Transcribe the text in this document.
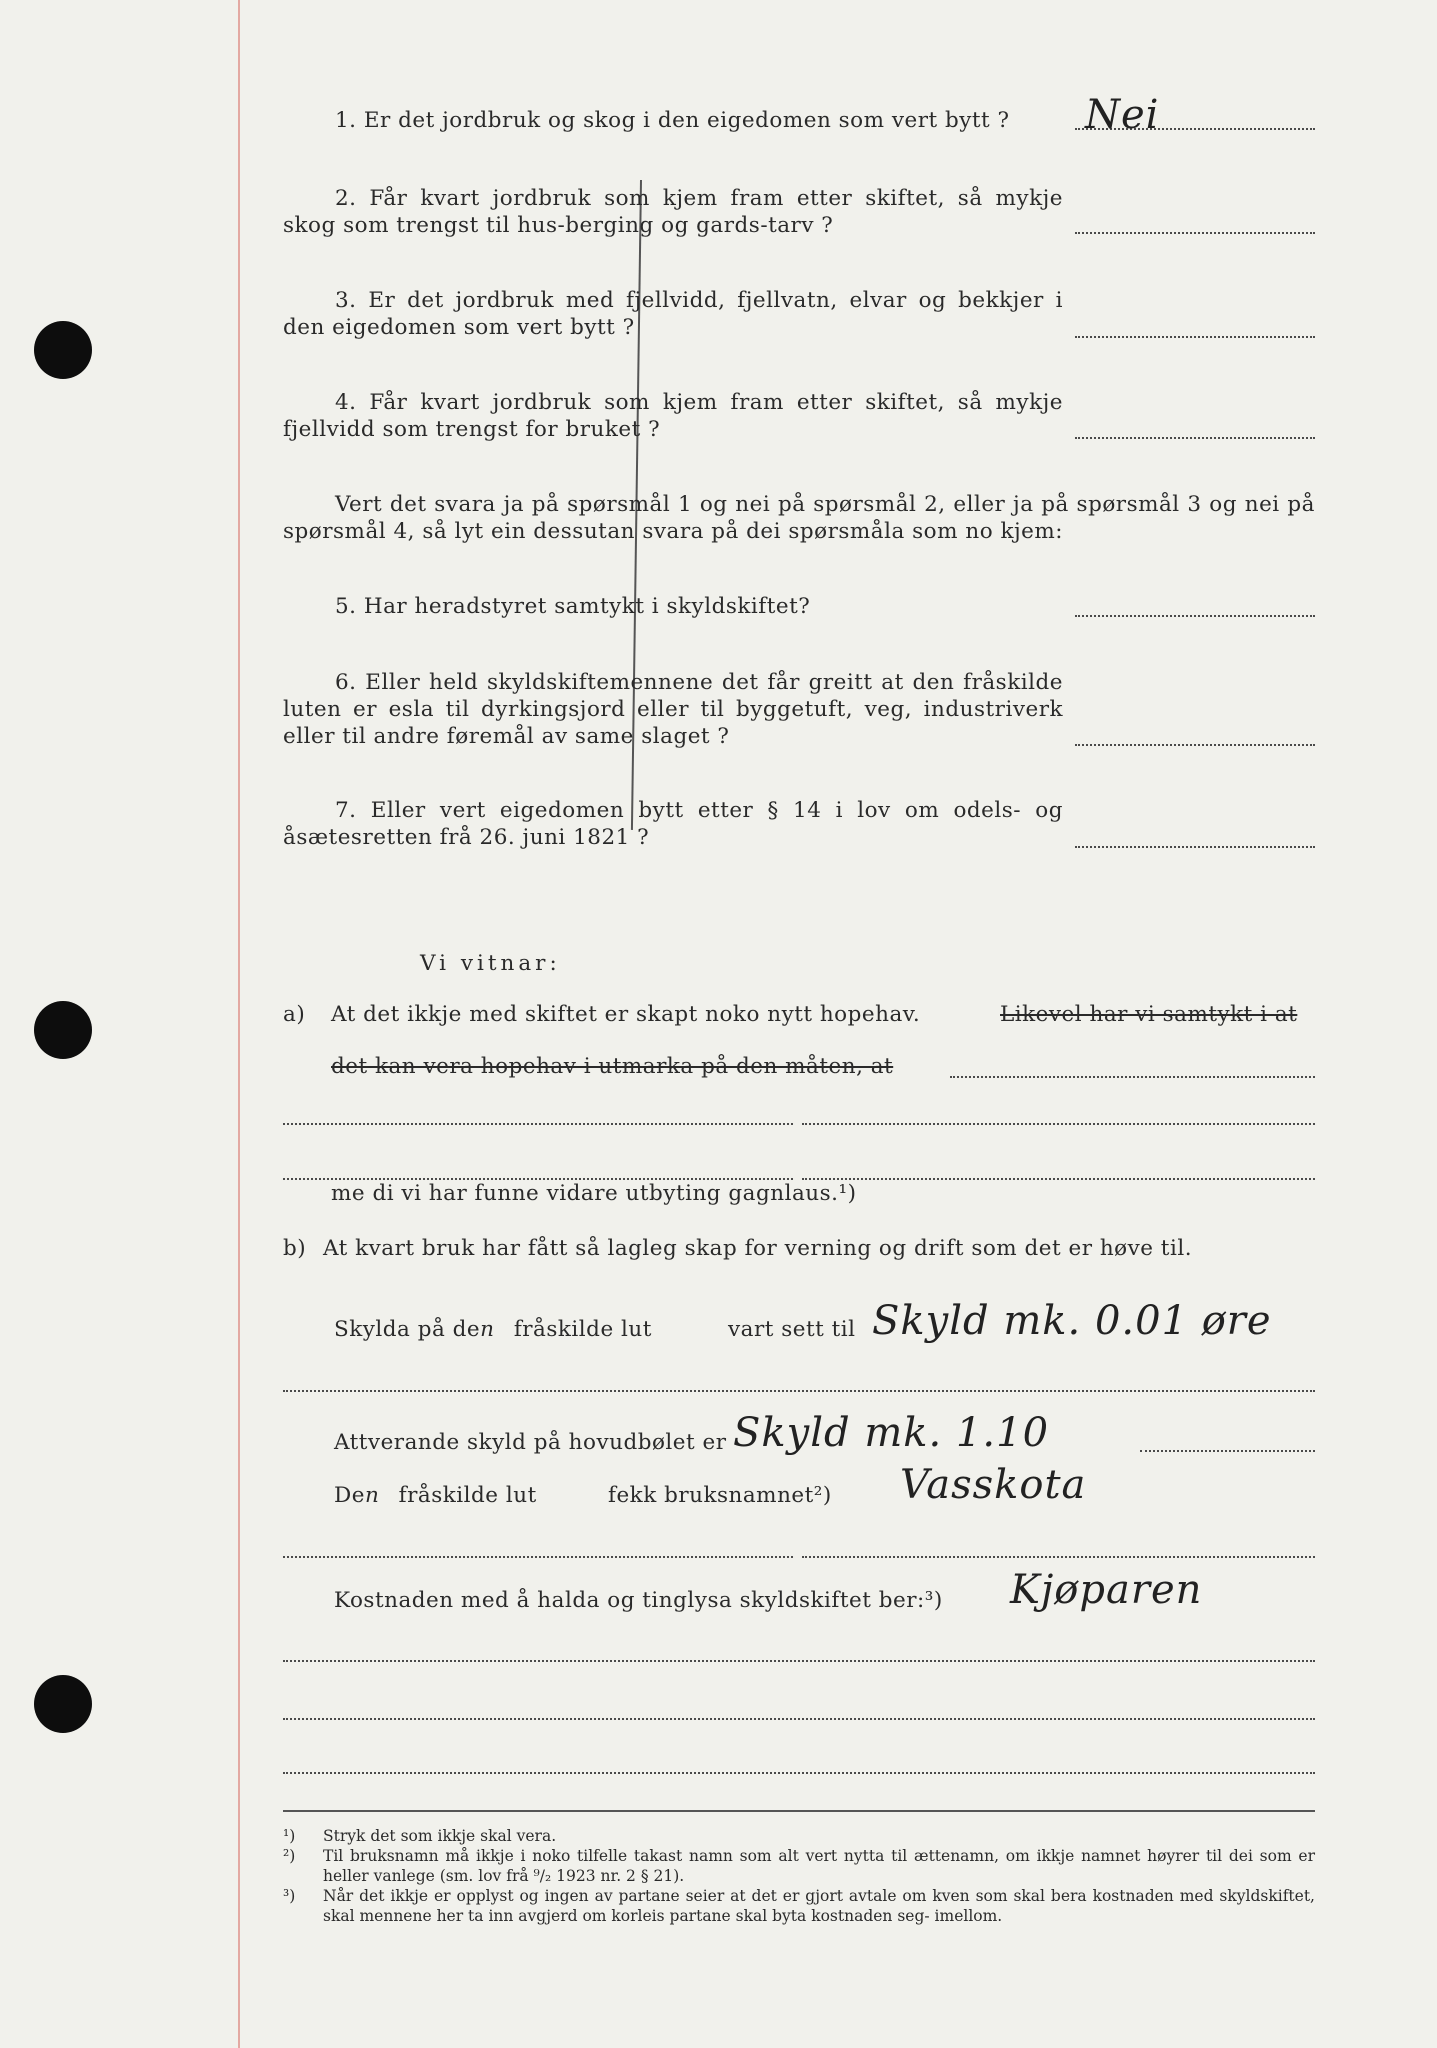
1. Er det jordbruk og skog i den eigedomen som vert bytt ?	Nei
2. Får kvart jordbruk som kjem fram etter skiftet, så mykje skog som trengst til hus-berging og gards-tarv ?
3. Er det jordbruk med fjellvidd, fjellvatn, elvar og bekkjer i den eigedomen som vert bytt ?
4. Får kvart jordbruk som kjem fram etter skiftet, så mykje fjellvidd som trengst for bruket ?
Vert det svara ja på spørsmål 1 og nei på spørsmål 2, eller ja på spørsmål 3 og nei på spørsmål 4, så lyt ein dessutan svara på dei spørsmåla som no kjem:
5. Har heradstyret samtykt i skyldskiftet?
6. Eller held skyldskiftemennene det får greitt at den fråskilde luten er esla til dyrkingsjord eller til byggetuft, veg, industriverk eller til andre føremål av same slaget ?
7. Eller vert eigedomen bytt etter § 14 i lov om odels- og åsætesretten frå 26. juni 1821 ?
Vi vitnar:
a) At det ikkje med skiftet er skapt noko nytt hopehav.	Likevel har vi samtykt i at
det kan vera hopehav i utmarka på den måten, at
me di vi har funne vidare utbyting gagnlaus.¹)
b) At kvart bruk har fått så lagleg skap for verning og drift som det er høve til.
Skylda på den fråskilde lut	vart sett til Skyld mk. 0.01 øre
Attverande skyld på hovudbølet er Skyld mk. 1.10
Den fråskilde lut	fekk bruksnamnet²) Vasskota
Kostnaden med å halda og tinglysa skyldskiftet ber:³) Kjøparen
¹)	Stryk det som ikkje skal vera.
²)	Til bruksnamn må ikkje i noko tilfelle takast namn som alt vert nytta til ættenamn, om ikkje namnet høyrer til dei som er heller vanlege (sm. lov frå ⁹/₂ 1923 nr. 2 § 21).
³)	Når det ikkje er opplyst og ingen av partane seier at det er gjort avtale om kven som skal bera kostnaden med skyldskiftet, skal mennene her ta inn avgjerd om korleis partane skal byta kostnaden seg- imellom.
